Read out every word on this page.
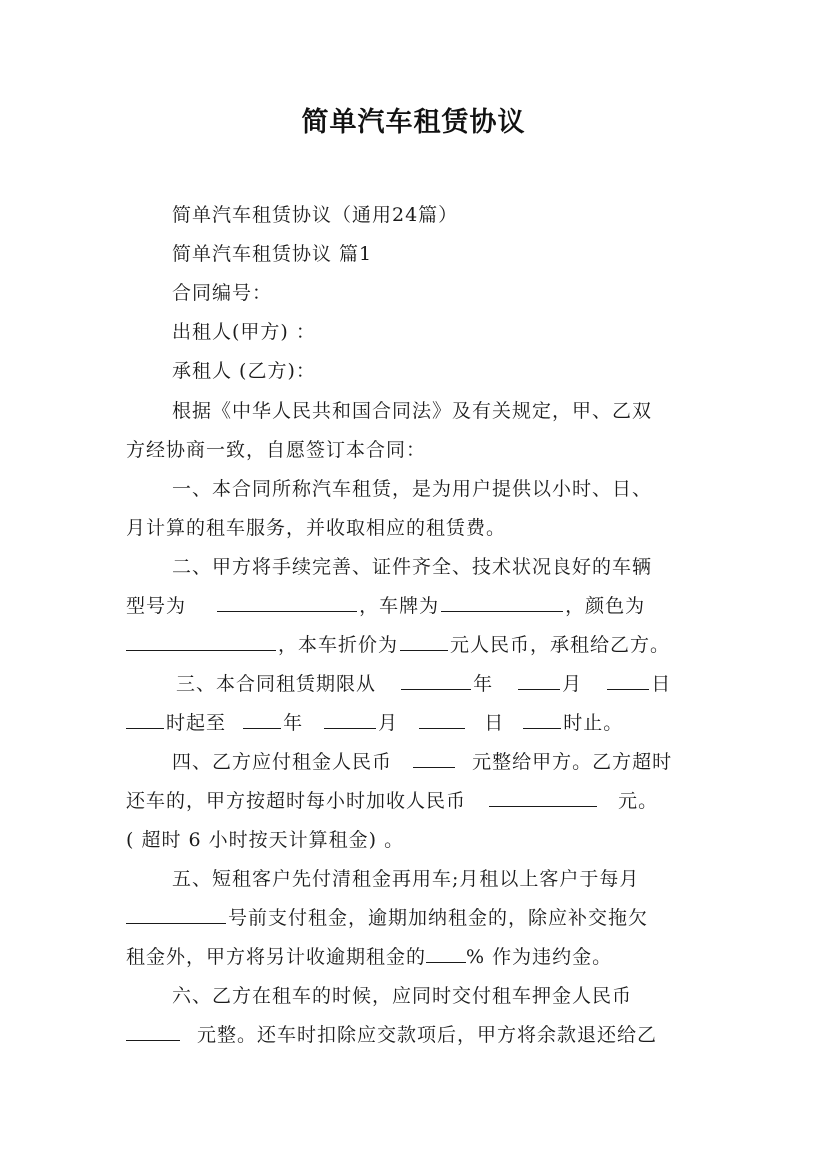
简单汽车租赁协议
简单汽车租赁协议（通用24篇）
简单汽车租赁协议 篇1
合同编号：
出租人(甲方) ：
承租人 (乙方)：
根据《中华人民共和国合同法》及有关规定，甲、乙双
方经协商一致，自愿签订本合同：
一、本合同所称汽车租赁，是为用户提供以小时、日、
月计算的租车服务，并收取相应的租赁费。
二、甲方将手续完善、证件齐全、技术状况良好的车辆
型号为	，车牌为	，颜色为
，本车折价为	元人民币，承租给乙方。
三、本合同租赁期限从	年	月	日
时起至	年	月	日	时止。
四、乙方应付租金人民币	元整给甲方。乙方超时
还车的，甲方按超时每小时加收人民币	元。
( 超时 6 小时按天计算租金) 。
五、短租客户先付清租金再用车;月租以上客户于每月
号前支付租金，逾期加纳租金的，除应补交拖欠
租金外，甲方将另计收逾期租金的 % 作为违约金。
六、乙方在租车的时候，应同时交付租车押金人民币
元整。还车时扣除应交款项后，甲方将余款退还给乙
